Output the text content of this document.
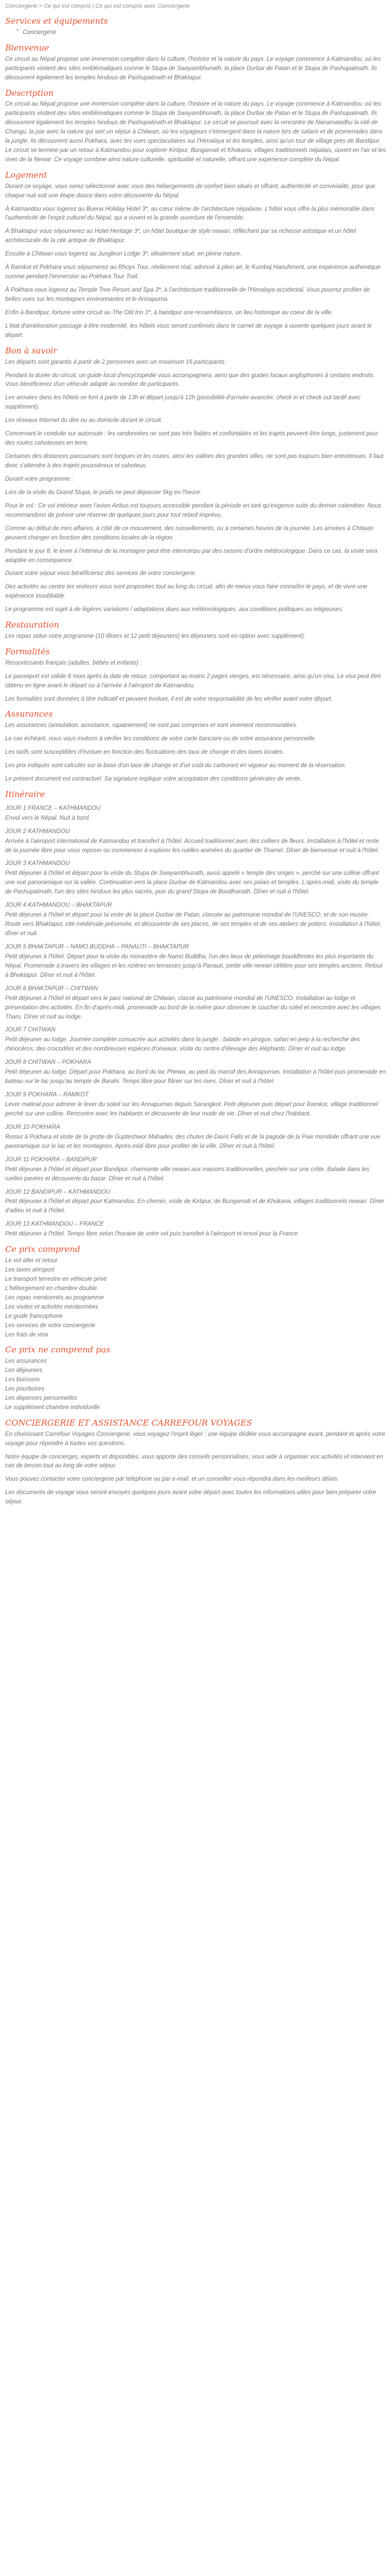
Conciergerie > Ce qui est compris | Ce qui est compris avec Conciergerie
Services et équipements
● Conciergerie
Bienvenue

Ce circuit au Népal propose une immersion complète dans la culture, l'histoire et la nature du pays. Le voyage commence à Katmandou, où les participants visitent des sites emblématiques comme le Stupa de Swayambhunath, la place Durbar de Patan et le Stupa de Pashupatinath. Ils découvrent également les temples hindous de Pashupatinath et Bhaktapur.

Description

Ce circuit au Népal propose une immersion complète dans la culture, l'histoire et la nature du pays. Le voyage commence à Katmandou, où les participants visitent des sites emblématiques comme le Stupa de Swayambhunath, la place Durbar de Patan et le Stupa de Pashupatinath. Ils découvrent également les temples hindous de Pashupatinath et Bhaktapur. Le circuit se poursuit avec la rencontre de Nanamaladhu la cité de Changu, la joie avec la nature qui sert un séjour à Chitwan, où les voyageurs s'immergent dans la nature lors de safaris et de promenades dans la jungle. Ils découvrent aussi Pokhara, avec les vues spectaculaires sur l'Himalaya et les temples, ainsi qu'un tour de village près de Bandipur. Le circuit se termine par un retour à Katmandou pour explorer Kirtipur, Bungamati et Khokana, villages traditionnels népalais, ouvert en l'air et les rives de la Newar. Ce voyage combine ainsi nature culturelle, spiritualité et naturelle, offrant une expérience complète du Népal.

Logement

Durant ce voyage, vous serez sélectionné avec vous des hébergements de confort bien situés et offrant, authenticité et convivialité, pour que chaque nuit soit une étape douce dans votre découverte du Népal.

À Katmandou vous logerez au Buena Holiday Hotel 3*, au cœur même de l'architecture népalaise. L'hôtel vous offre la plus mémorable dans l'authenticité de l'esprit culturel du Népal, qui a ouvert et la grande ouverture de l'ensemble.

À Bhaktapur vous séjournerez au Hotel Heritage 3*, un hôtel boutique de style newari, réfléchant par sa richesse artistique et un hôtel architecturale de la cité antique de Bhaktapur.

Ensuite à Chitwan vous logerez au Jungleon Lodge 3*, idéalement situé, en pleine nature.

À Ramkot et Pokhara vous séjournerez au Rhoys Tour, réellement réal, adressé à plein air, le Kumbaj Hanuhment, une expérience authentique comme pendant l'immersion au Pokhara Tour Trail.

À Pokhara vous logerez au Temple Tree Resort and Spa 3*, à l'architecture traditionnelle de l'Himalaya occidental. Vous pourrez profiter de belles vues sur les montagnes environnantes et le Annapurna.

Enfin à Bandipur, fortune votre circuit au The Old Inn 3*, à bandipur une ressemblance, un lieu historique au coeur de la ville.

L'état d'amélioration passage à être modernité, les hôtels vous seront confirmés dans le carnet de voyage à ouverte quelques jours avant le départ.

Bon à savoir

Les départs sont garantis à partir de 2 personnes avec un maximum 16 participants.

Pendant la durée du circuit, un guide local d'encyclopédie vous accompagnera, ainsi que des guides locaux anglophones à certains endroits. Vous bénéficierez d'un véhicule adapté au nombre de participants.

Les arrivées dans les hôtels se font à partir de 13h et départ jusqu'à 12h (possibilité d'arrivée avancée, check in et check out tardif avec supplément).

Les réseaux Internet du dire ou au domicile durant le circuit.

Concernant le conduite sur autoroute : les randonnées ne sont pas très fiables et confortables et les trajets peuvent être longs, justement pour des routes cahoteuses en terre.

Certaines des distances parcourues sont longues et les routes, ainsi les vallées des grandes villes, ne sont pas toujours bien entretenues. Il faut donc s'attendre à des trajets poussiéreux et cahoteux.

Durant votre programme :

Lors de la visite du Grand Stupa, le poids ne peut dépasser 5kg en l'heure.

Pour le vol : Ce vol intérieur avec l'avion Airbus est toujours accessible pendant la période en tant qu'exigence suite du dernier calendrier. Nous recommandons de prévoir une réserve de quelques jours pour tout retard imprévu.

Comme au début de mes affaires, à côté de ce mouvement, des ruissellements, ou à certaines heures de la journée. Les arrivées à Chitwan peuvent changer en fonction des conditions locales de la région.

Pendant le jour 8, le lever à l'intérieur de la montagne peut être interrompu par des raisons d'ordre météorologique. Dans ce cas, la visite sera adaptée en conséquence.

Durant votre séjour vous bénéficierez des services de votre conciergerie.

Des activités au centre les visiteurs vous sont proposées tout au long du circuit, afin de mieux vous faire connaître le pays, et de vivre une expérience inoubliable.

Le programme est sujet à de légères variations / adaptations dues aux météorologiques, aux conditions politiques ou religieuses.

Restauration

Les repas selon votre programme (10 dîners et 12 petit déjeuners) les déjeuners sont en option avec supplément).

Formalités

Ressortissants français (adultes, bébés et enfants) :

Le passeport est valide 6 mois après la date de retour, comportant au moins 2 pages vierges, est nécessaire, ainsi qu'un visa. Le visa peut être obtenu en ligne avant le départ ou à l'arrivée à l'aéroport de Katmandou.

Les formalités sont données à titre indicatif et peuvent évoluer, il est de votre responsabilité de les vérifier avant votre départ.

Assurances

Les assurances (annulation, assistance, rapatriement) ne sont pas comprises et sont vivement recommandées.

Le cas échéant, nous vous invitons à vérifier les conditions de votre carte bancaire ou de votre assurance personnelle.

Les tarifs sont susceptibles d'évoluer en fonction des fluctuations des taux de change et des taxes locales.

Les prix indiqués sont calculés sur la base d'un taux de change et d'un coût du carburant en vigueur au moment de la réservation.

Le présent document est contractuel. Sa signature implique votre acceptation des conditions générales de vente.

Itinéraire

JOUR 1 FRANCE – KATHMANDOU

Envol vers le Népal. Nuit à bord.

JOUR 2 KATHMANDOU

Arrivée à l'aéroport international de Katmandou et transfert à l'hôtel. Accueil traditionnel avec des colliers de fleurs. Installation à l'hôtel et reste de la journée libre pour vous reposer ou commencer à explorer les ruelles animées du quartier de Thamel. Dîner de bienvenue et nuit à l'hôtel.

JOUR 3 KATHMANDOU

Petit déjeuner à l'hôtel et départ pour la visite du Stupa de Swayambhunath, aussi appelé « temple des singes », perché sur une colline offrant une vue panoramique sur la vallée. Continuation vers la place Durbar de Katmandou avec ses palais et temples. L'après-midi, visite du temple de Pashupatinath, l'un des sites hindous les plus sacrés, puis du grand Stupa de Boudhanath. Dîner et nuit à l'hôtel.

JOUR 4 KATHMANDOU – BHAKTAPUR

Petit déjeuner à l'hôtel et départ pour la visite de la place Durbar de Patan, classée au patrimoine mondial de l'UNESCO, et de son musée. Route vers Bhaktapur, cité médiévale préservée, et découverte de ses places, de ses temples et de ses ateliers de potiers. Installation à l'hôtel, dîner et nuit.

JOUR 5 BHAKTAPUR – NAMO BUDDHA – PANAUTI – BHAKTAPUR

Petit déjeuner à l'hôtel. Départ pour la visite du monastère de Namo Buddha, l'un des lieux de pèlerinage bouddhistes les plus importants du Népal. Promenade à travers les villages et les rizières en terrasses jusqu'à Panauti, petite ville newari célèbre pour ses temples anciens. Retour à Bhaktapur. Dîner et nuit à l'hôtel.

JOUR 6 BHAKTAPUR – CHITWAN

Petit déjeuner à l'hôtel et départ vers le parc national de Chitwan, classé au patrimoine mondial de l'UNESCO. Installation au lodge et présentation des activités. En fin d'après-midi, promenade au bord de la rivière pour observer le coucher du soleil et rencontre avec les villages Tharu. Dîner et nuit au lodge.

JOUR 7 CHITWAN

Petit déjeuner au lodge. Journée complète consacrée aux activités dans la jungle : balade en pirogue, safari en jeep à la recherche des rhinocéros, des crocodiles et des nombreuses espèces d'oiseaux, visite du centre d'élevage des éléphants. Dîner et nuit au lodge.

JOUR 8 CHITWAN – POKHARA

Petit déjeuner au lodge. Départ pour Pokhara, au bord du lac Phewa, au pied du massif des Annapurnas. Installation à l'hôtel puis promenade en bateau sur le lac jusqu'au temple de Barahi. Temps libre pour flâner sur les rives. Dîner et nuit à l'hôtel.

JOUR 9 POKHARA – RAMKOT

Lever matinal pour admirer le lever du soleil sur les Annapurnas depuis Sarangkot. Petit déjeuner puis départ pour Ramkot, village traditionnel perché sur une colline. Rencontre avec les habitants et découverte de leur mode de vie. Dîner et nuit chez l'habitant.

JOUR 10 POKHARA

Retour à Pokhara et visite de la grotte de Gupteshwor Mahadev, des chutes de Davis Falls et de la pagode de la Paix mondiale offrant une vue panoramique sur le lac et les montagnes. Après-midi libre pour profiter de la ville. Dîner et nuit à l'hôtel.

JOUR 11 POKHARA – BANDIPUR

Petit déjeuner à l'hôtel et départ pour Bandipur, charmante ville newari aux maisons traditionnelles, perchée sur une crête. Balade dans les ruelles pavées et découverte du bazar. Dîner et nuit à l'hôtel.

JOUR 12 BANDIPUR – KATHMANDOU

Petit déjeuner à l'hôtel et départ pour Katmandou. En chemin, visite de Kirtipur, de Bungamati et de Khokana, villages traditionnels newari. Dîner d'adieu et nuit à l'hôtel.

JOUR 13 KATHMANDOU – FRANCE

Petit déjeuner à l'hôtel. Temps libre selon l'horaire de votre vol puis transfert à l'aéroport et envol pour la France.

Ce prix comprend

Le vol aller et retour

Les taxes aéroport

Le transport terrestre en véhicule privé

L'hébergement en chambre double

Les repas mentionnés au programme

Les visites et activités mentionnées

Le guide francophone

Les services de votre conciergerie

Les frais de visa

Ce prix ne comprend pas

Les assurances

Les déjeuners

Les boissons

Les pourboires

Les dépenses personnelles

Le supplément chambre individuelle

CONCIERGERIE ET ASSISTANCE CARREFOUR VOYAGES

En choisissant Carrefour Voyages Conciergerie, vous voyagez l'esprit léger : une équipe dédiée vous accompagne avant, pendant et après votre voyage pour répondre à toutes vos questions.

Notre équipe de concierges, experts et disponibles, vous apporte des conseils personnalisés, vous aide à organiser vos activités et intervient en cas de besoin tout au long de votre séjour.

Vous pouvez contacter votre conciergerie par téléphone ou par e-mail, et un conseiller vous répondra dans les meilleurs délais.

Les documents de voyage vous seront envoyés quelques jours avant votre départ avec toutes les informations utiles pour bien préparer votre séjour.
